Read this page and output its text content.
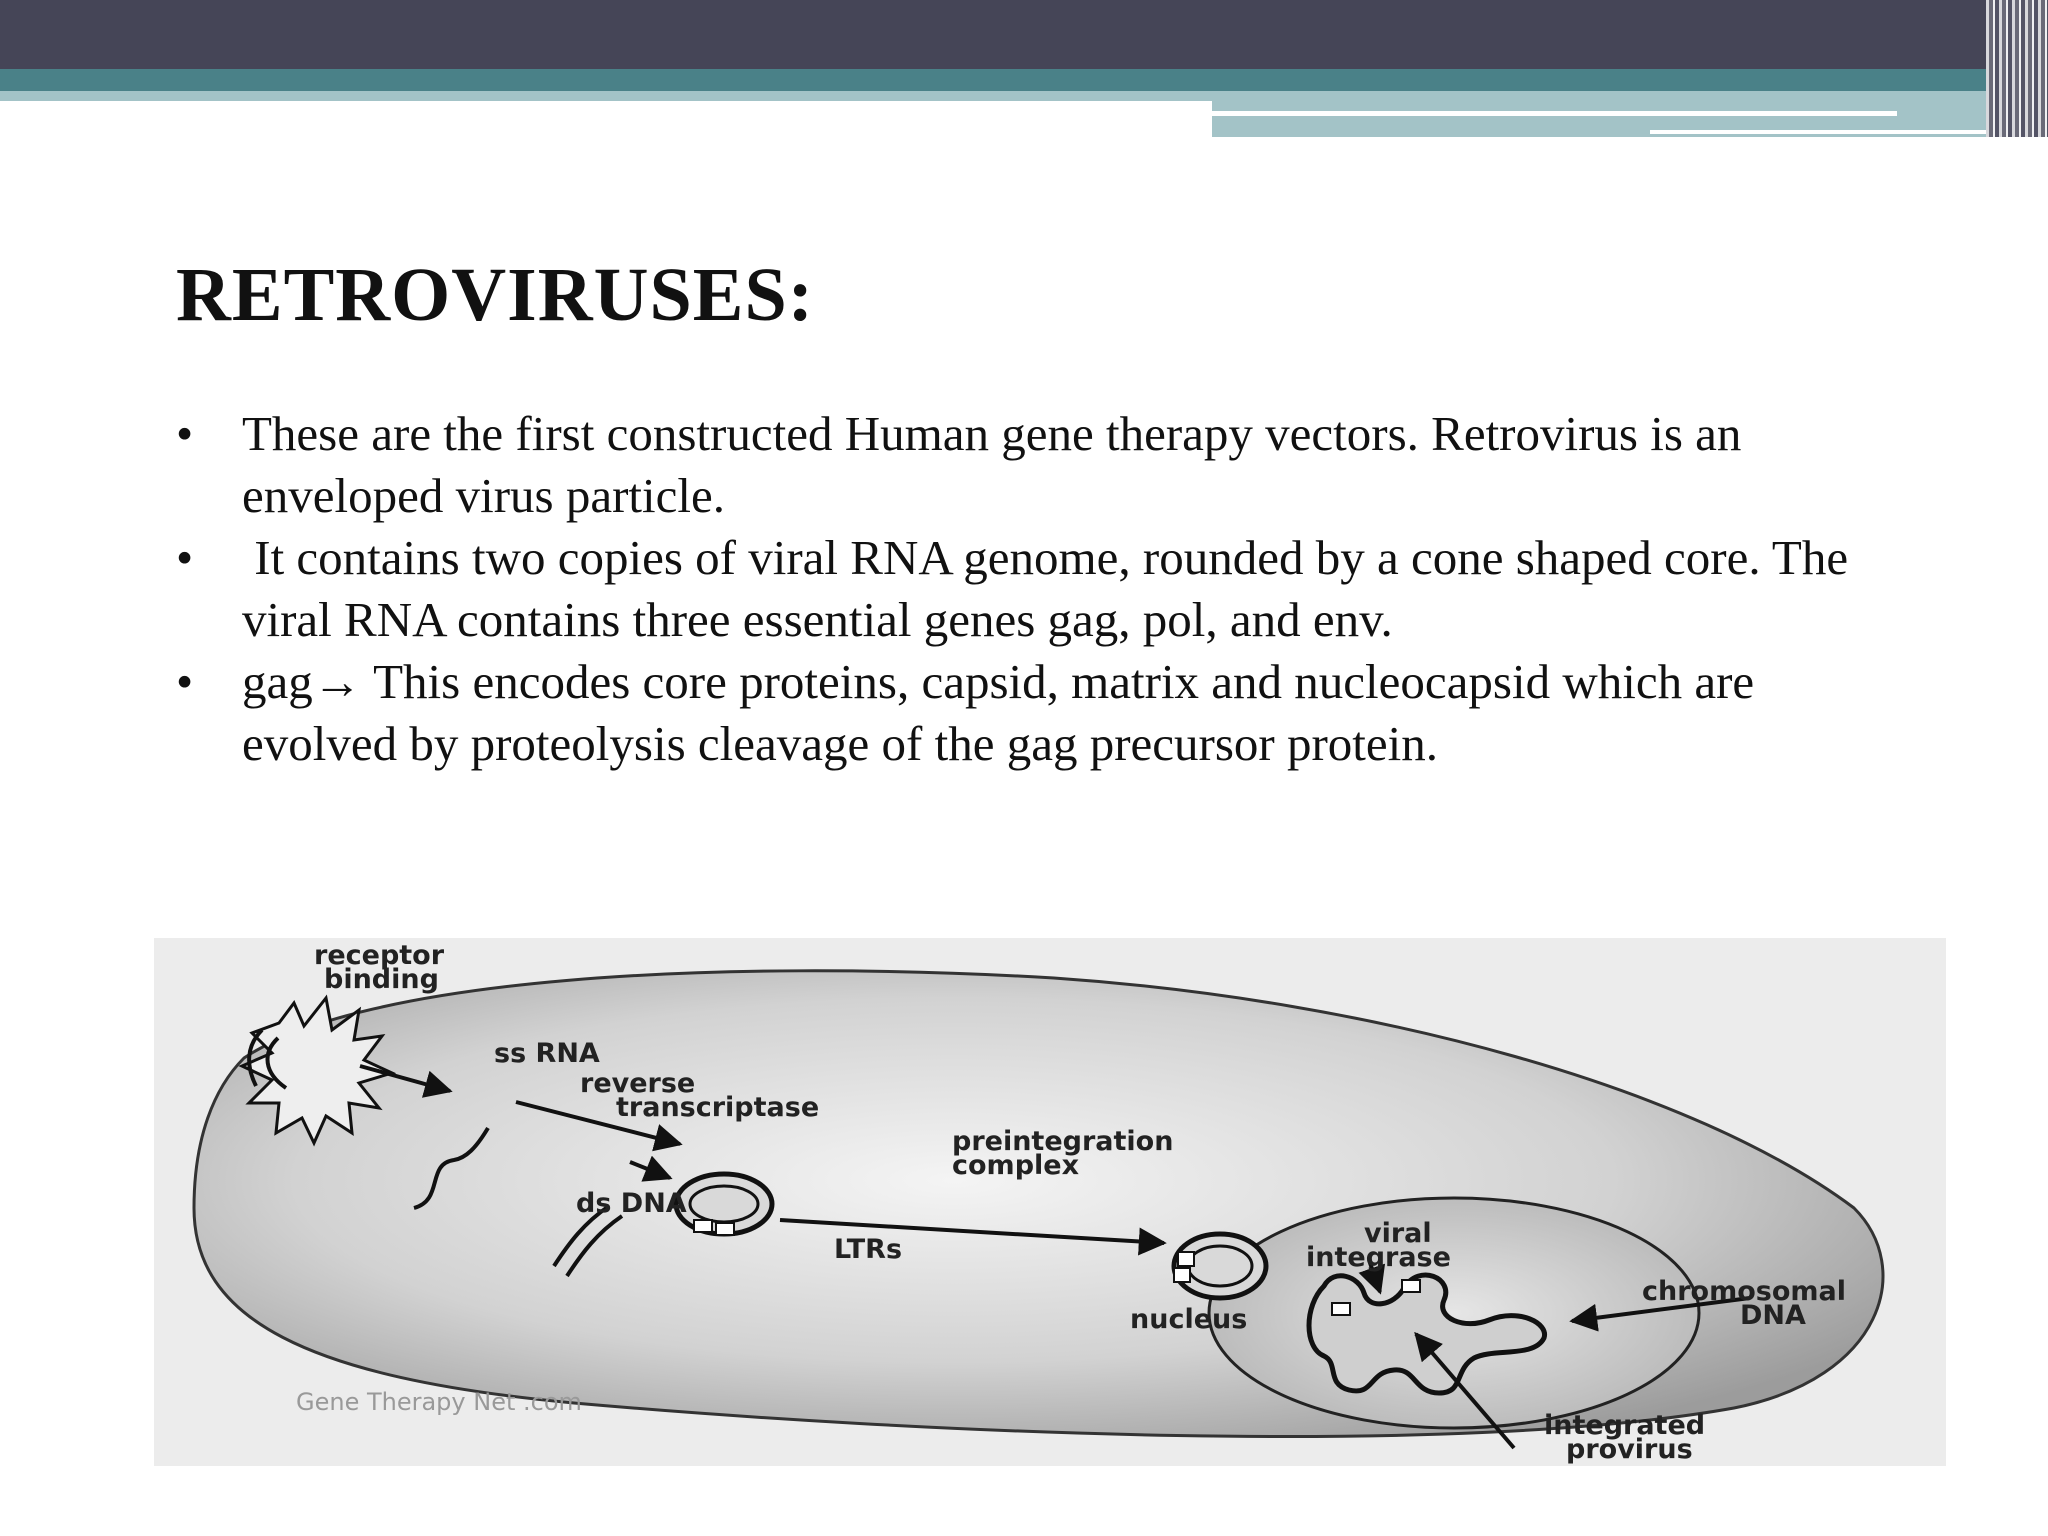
RETROVIRUSES:
• These are the first constructed Human gene therapy vectors. Retrovirus is an enveloped virus particle.
• It contains two copies of viral RNA genome, rounded by a cone shaped core. The viral RNA contains three essential genes gag, pol, and env.
• gag→ This encodes core proteins, capsid, matrix and nucleocapsid which are evolved by proteolysis cleavage of the gag precursor protein.
receptor
binding
ss RNA
reverse
transcriptase
preintegration
complex
ds DNA
LTRs
viral
integrase
nucleus
chromosomal
DNA
integrated
provirus
Gene Therapy Net .com
